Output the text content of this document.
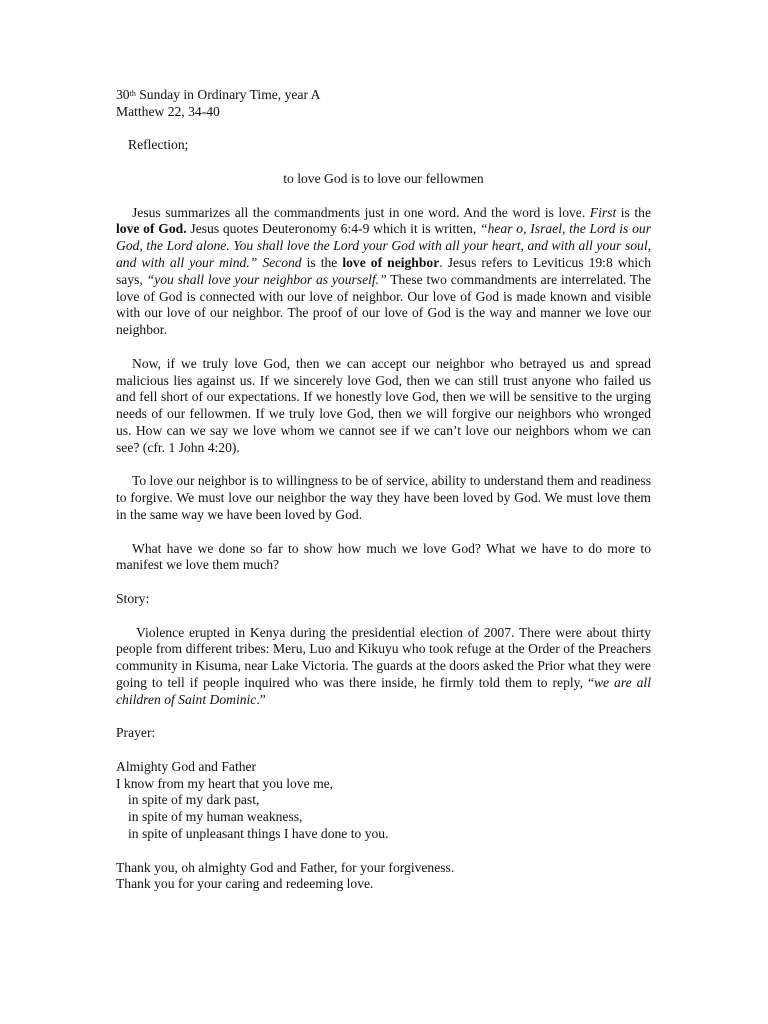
30th Sunday in Ordinary Time, year A
Matthew 22, 34-40
Reflection;
to love God is to love our fellowmen

Jesus summarizes all the commandments just in one word. And the word is love. First is the love of God. Jesus quotes Deuteronomy 6:4-9 which it is written, “hear o, Israel, the Lord is our God, the Lord alone. You shall love the Lord your God with all your heart, and with all your soul, and with all your mind.” Second is the love of neighbor. Jesus refers to Leviticus 19:8 which says, “you shall love your neighbor as yourself.” These two commandments are interrelated. The love of God is connected with our love of neighbor. Our love of God is made known and visible with our love of our neighbor. The proof of our love of God is the way and manner we love our neighbor.

Now, if we truly love God, then we can accept our neighbor who betrayed us and spread malicious lies against us. If we sincerely love God, then we can still trust anyone who failed us and fell short of our expectations. If we honestly love God, then we will be sensitive to the urging needs of our fellowmen. If we truly love God, then we will forgive our neighbors who wronged us. How can we say we love whom we cannot see if we can’t love our neighbors whom we can see? (cfr. 1 John 4:20).

To love our neighbor is to willingness to be of service, ability to understand them and readiness to forgive. We must love our neighbor the way they have been loved by God. We must love them in the same way we have been loved by God.

What have we done so far to show how much we love God? What we have to do more to manifest we love them much?

Story:

Violence erupted in Kenya during the presidential election of 2007. There were about thirty people from different tribes: Meru, Luo and Kikuyu who took refuge at the Order of the Preachers community in Kisuma, near Lake Victoria. The guards at the doors asked the Prior what they were going to tell if people inquired who was there inside, he firmly told them to reply, “we are all children of Saint Dominic.”

Prayer:
Almighty God and Father
I know from my heart that you love me,
in spite of my dark past,
in spite of my human weakness,
in spite of unpleasant things I have done to you.
Thank you, oh almighty God and Father, for your forgiveness.
Thank you for your caring and redeeming love.
